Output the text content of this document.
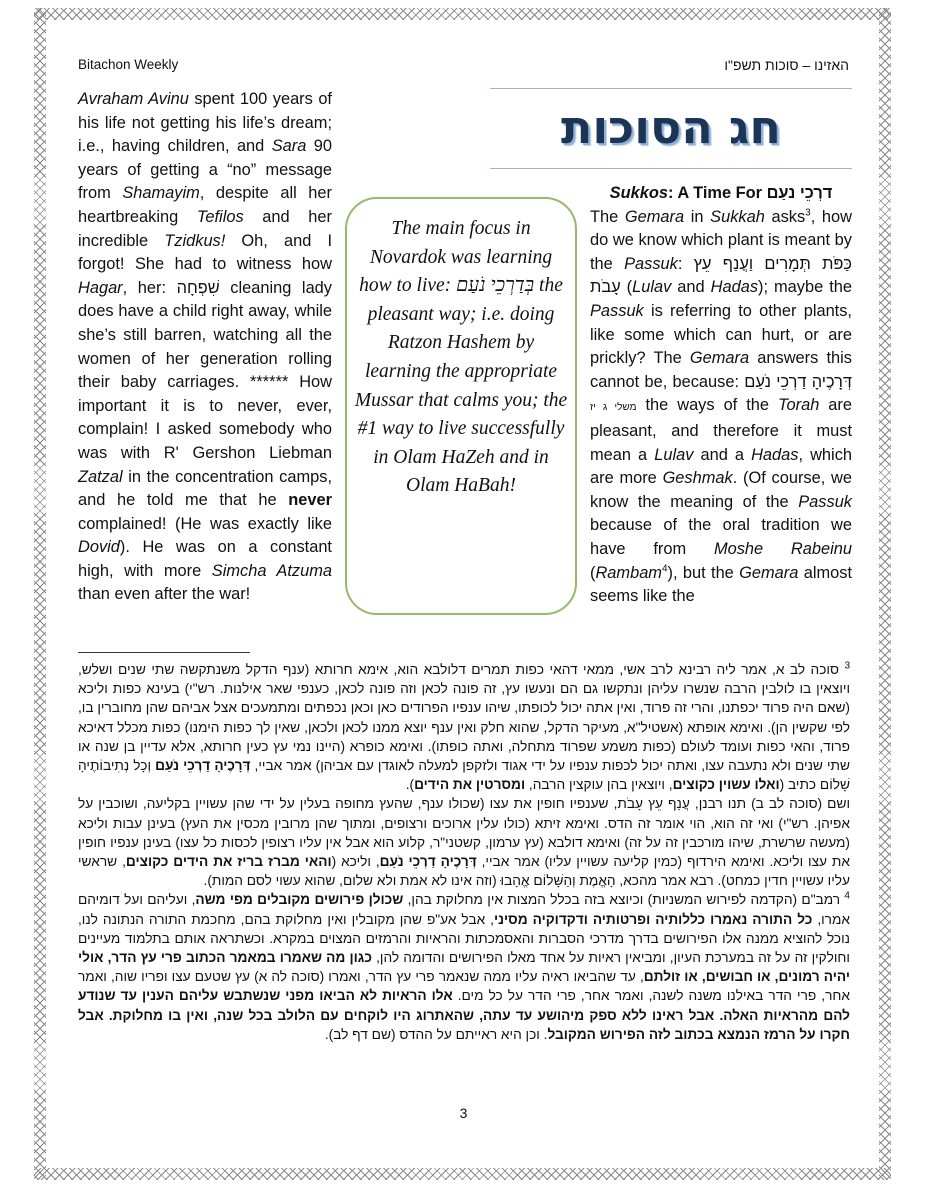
Bitachon Weekly	האזינו – סוכות תשפ"ו
חג הסוכות
Avraham Avinu spent 100 years of his life not getting his life’s dream; i.e., having children, and Sara 90 years of getting a “no” message from Shamayim, despite all her heartbreaking Tefilos and her incredible Tzidkus! Oh, and I forgot! She had to witness how Hagar, her: שִׁפְחָה cleaning lady does have a child right away, while she’s still barren, watching all the women of her generation rolling their baby carriages. ****** How important it is to never, ever, complain! I asked somebody who was with R' Gershon Liebman Zatzal in the concentration camps, and he told me that he never complained! (He was exactly like Dovid). He was on a constant high, with more Simcha Atzuma than even after the war!
The main focus in Novardok was learning how to live: בְּדַרְכֵי נֹעַם the pleasant way; i.e. doing Ratzon Hashem by learning the appropriate Mussar that calms you; the #1 way to live successfully in Olam HaZeh and in Olam HaBah!
Sukkos: A Time For דרְכֵי נעַם
The Gemara in Sukkah asks$^3$, how do we know which plant is meant by the Passuk: כַּפֹּת תְּמָרִים וַעֲנַף עֵץ עָבֹת (Lulav and Hadas); maybe the Passuk is referring to other plants, like some which can hurt, or are prickly? The Gemara answers this cannot be, because: דְּרָכֶיהָ דַרְכֵי נֹעַם משלי ג יז the ways of the Torah are pleasant, and therefore it must mean a Lulav and a Hadas, which are more Geshmak. (Of course, we know the meaning of the Passuk because of the oral tradition we have from Moshe Rabeinu (Rambam$^4$), but the Gemara almost seems like the

$^3$ סוכה לב א, אמר ליה רבינא לרב אשי, ממאי דהאי כפות תמרים דלולבא הוא, אימא חרותא (ענף הדקל משנתקשה שתי שנים ושלש, ויוצאין בו לולבין הרבה שנשרו עליהן ונתקשו גם הם ונעשו עץ, זה פונה לכאן וזה פונה לכאן, כענפי שאר אילנות. רש"י) בעינא כפות וליכא (שאם היה פרוד יכפתנו, והרי זה פרוד, ואין אתה יכול לכופתו, שיהו ענפיו הפרודים כאן וכאן נכפתים ומתמעכים אצל אביהם שהן מחוברין בו, לפי שקשין הן). ואימא אופתא (אשטיל"א, מעיקר הדקל, שהוא חלק ואין ענף יוצא ממנו לכאן ולכאן, שאין לך כפות הימנו) כפות מכלל דאיכא פרוד, והאי כפות ועומד לעולם (כפות משמע שפרוד מתחלה, ואתה כופתו). ואימא כופרא (היינו נמי עץ כעין חרותא, אלא עדיין בן שנה או שתי שנים ולא נתעבה עצו, ואתה יכול לכפות ענפיו על ידי אגוד ולזקפן למעלה לאוגדן עם אביהן) אמר אביי, דְּרָכֶיהָ דַרְכֵי נֹעַם וְכָל נְתִיבוֹתֶיהָ שָׁלוֹם כתיב (ואלו עשוין כקוצים, ויוצאין בהן עוקצין הרבה, ומסרטין את הידים).

ושם (סוכה לב ב) תנו רבנן, עֲנַף עֵץ עָבֹת, שענפיו חופין את עצו (שכולו ענף, שהעץ מחופה בעלין על ידי שהן עשויין בקליעה, ושוכבין על אפיהן. רש"י) ואי זה הוא, הוי אומר זה הדס. ואימא זיתא (כולו עלין ארוכים ורצופים, ומתוך שהן מרובין מכסין את העץ) בעינן עבות וליכא (מעשה שרשרת, שיהו מורכבין זה על זה) ואימא דולבא (עץ ערמון, קשטני"ר, קלוע הוא אבל אין עליו רצופין לכסות כל עצו) בעינן ענפיו חופין את עצו וליכא. ואימא הירדוף (כמין קליעה עשויין עליו) אמר אביי, דְּרָכֶיהָ דַרְכֵי נֹעַם, וליכא (והאי מברז בריז את הידים כקוצים, שראשי עליו עשויין חדין כמחט). רבא אמר מהכא, הָאֱמֶת וְהַשָּׁלוֹם אֱהָבוּ (וזה אינו לא אמת ולא שלום, שהוא עשוי לסם המות).

$^4$ רמב"ם (הקדמה לפירוש המשניות) וכיוצא בזה בכלל המצות אין מחלוקת בהן, שכולן פירושים מקובלים מפי משה, ועליהם ועל דומיהם אמרו, כל התורה נאמרו כללותיה ופרטותיה ודקדוקיה מסיני, אבל אע"פ שהן מקובלין ואין מחלוקת בהם, מחכמת התורה הנתונה לנו, נוכל להוציא ממנה אלו הפירושים בדרך מדרכי הסברות והאסמכתות והראיות והרמזים המצוים במקרא. וכשתראה אותם בתלמוד מעיינים וחולקין זה על זה במערכת העיון, ומביאין ראיות על אחד מאלו הפירושים והדומה להן, כגון מה שאמרו במאמר הכתוב פרי עץ הדר, אולי יהיה רמונים, או חבושים, או זולתם, עד שהביאו ראיה עליו ממה שנאמר פרי עץ הדר, ואמרו (סוכה לה א) עץ שטעם עצו ופריו שוה, ואמר אחר, פרי הדר באילנו משנה לשנה, ואמר אחר, פרי הדר על כל מים. אלו הראיות לא הביאו מפני שנשתבש עליהם הענין עד שנודע להם מהראיות האלה. אבל ראינו ללא ספק מיהושע עד עתה, שהאתרוג היו לוקחים עם הלולב בכל שנה, ואין בו מחלוקת. אבל חקרו על הרמז הנמצא בכתוב לזה הפירוש המקובל. וכן היא ראייתם על ההדס (שם דף לב).

3
